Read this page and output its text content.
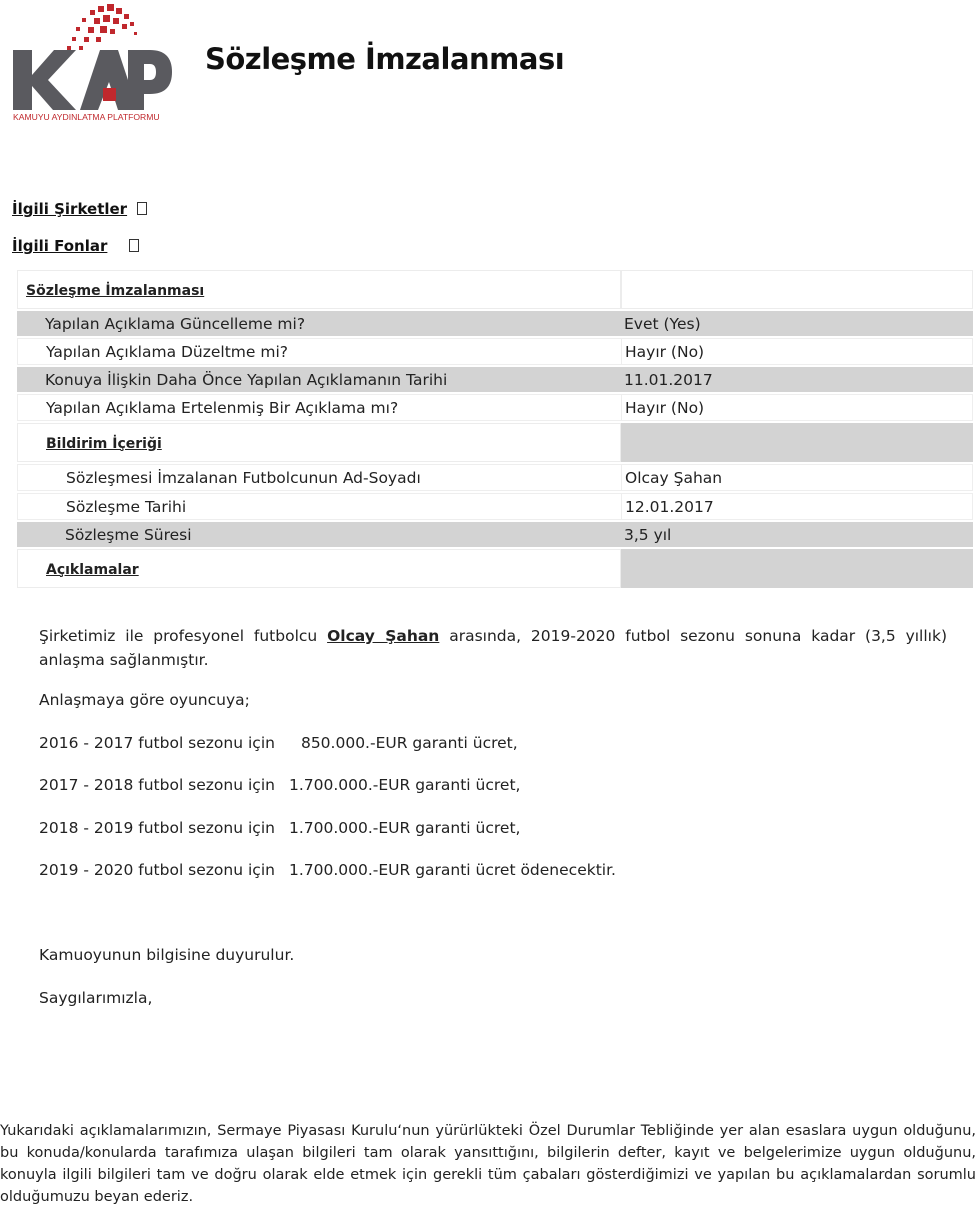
KAMUYU AYDINLATMA PLATFORMU
Sözleşme İmzalanması
İlgili Şirketler
İlgili Fonlar
Sözleşme İmzalanması	
Yapılan Açıklama Güncelleme mi?	Evet (Yes)
Yapılan Açıklama Düzeltme mi?	Hayır (No)
Konuya İlişkin Daha Önce Yapılan Açıklamanın Tarihi	11.01.2017
Yapılan Açıklama Ertelenmiş Bir Açıklama mı?	Hayır (No)
Bildirim İçeriği	
Sözleşmesi İmzalanan Futbolcunun Ad-Soyadı	Olcay Şahan
Sözleşme Tarihi	12.01.2017
Sözleşme Süresi	3,5 yıl
Açıklamalar	
Şirketimiz ile profesyonel futbolcu Olcay Şahan arasında, 2019-2020 futbol sezonu sonuna kadar (3,5 yıllık) anlaşma sağlanmıştır.
Anlaşmaya göre oyuncuya;
2016 - 2017 futbol sezonu için 850.000.-EUR garanti ücret,
2017 - 2018 futbol sezonu için 1.700.000.-EUR garanti ücret,
2018 - 2019 futbol sezonu için 1.700.000.-EUR garanti ücret,
2019 - 2020 futbol sezonu için 1.700.000.-EUR garanti ücret ödenecektir.
Kamuoyunun bilgisine duyurulur.
Saygılarımızla,
Yukarıdaki açıklamalarımızın, Sermaye Piyasası Kurulu‘nun yürürlükteki Özel Durumlar Tebliğinde yer alan esaslara uygun olduğunu, bu konuda/konularda tarafımıza ulaşan bilgileri tam olarak yansıttığını, bilgilerin defter, kayıt ve belgelerimize uygun olduğunu, konuyla ilgili bilgileri tam ve doğru olarak elde etmek için gerekli tüm çabaları gösterdiğimizi ve yapılan bu açıklamalardan sorumlu olduğumuzu beyan ederiz.
